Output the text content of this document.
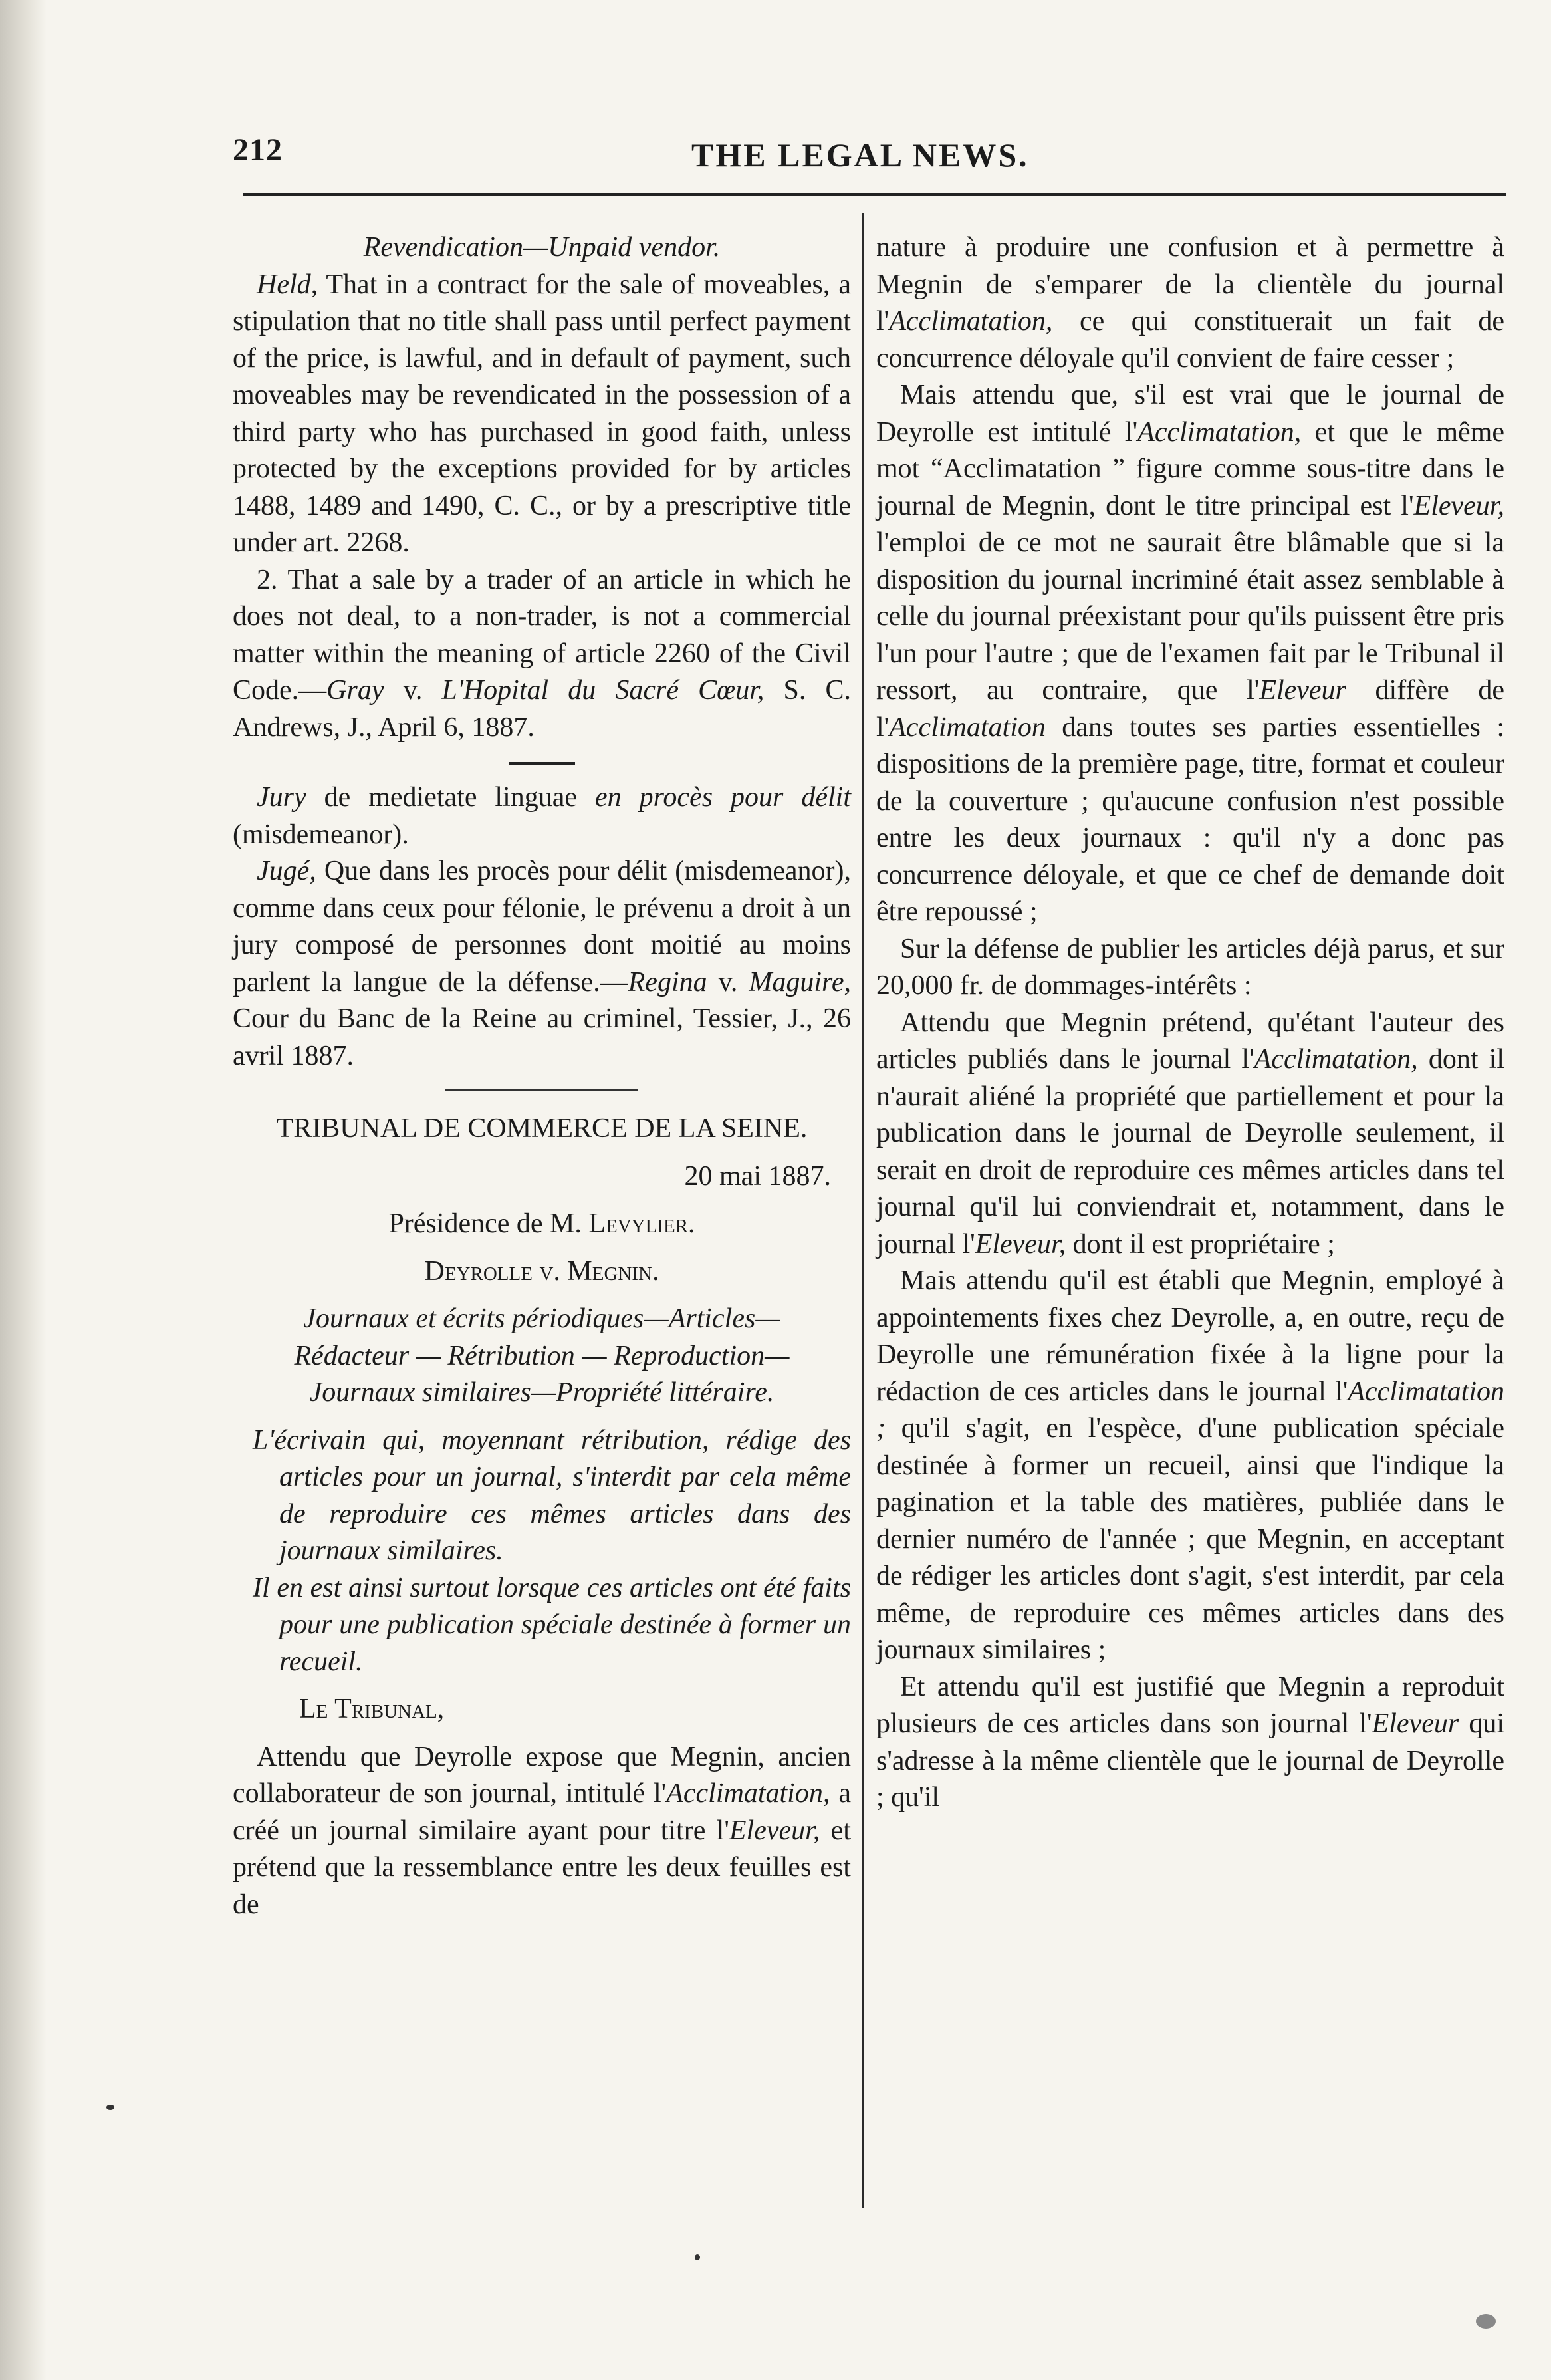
212	THE LEGAL NEWS.

Revendication—Unpaid vendor.

Held, That in a contract for the sale of moveables, a stipulation that no title shall pass until perfect payment of the price, is lawful, and in default of payment, such moveables may be revendicated in the possession of a third party who has purchased in good faith, unless protected by the exceptions provided for by articles 1488, 1489 and 1490, C. C., or by a prescriptive title under art. 2268.

2. That a sale by a trader of an article in which he does not deal, to a non-trader, is not a commercial matter within the meaning of article 2260 of the Civil Code.—Gray v. L'Hopital du Sacré Cœur, S. C. Andrews, J., April 6, 1887.

Jury de medietate linguae en procès pour délit (misdemeanor).

Jugé, Que dans les procès pour délit (misdemeanor), comme dans ceux pour félonie, le prévenu a droit à un jury composé de personnes dont moitié au moins parlent la langue de la défense.—Regina v. Maguire, Cour du Banc de la Reine au criminel, Tessier, J., 26 avril 1887.

TRIBUNAL DE COMMERCE DE LA SEINE.

20 mai 1887.

Présidence de M. Levylier.

Deyrolle v. Megnin.

Journaux et écrits périodiques—Articles—Rédacteur — Rétribution — Reproduction— Journaux similaires—Propriété littéraire.

L'écrivain qui, moyennant rétribution, rédige des articles pour un journal, s'interdit par cela même de reproduire ces mêmes articles dans des journaux similaires.

Il en est ainsi surtout lorsque ces articles ont été faits pour une publication spéciale destinée à former un recueil.

Le Tribunal,

Attendu que Deyrolle expose que Megnin, ancien collaborateur de son journal, intitulé l'Acclimatation, a créé un journal similaire ayant pour titre l'Eleveur, et prétend que la ressemblance entre les deux feuilles est de

nature à produire une confusion et à permettre à Megnin de s'emparer de la clientèle du journal l'Acclimatation, ce qui constituerait un fait de concurrence déloyale qu'il convient de faire cesser ;

Mais attendu que, s'il est vrai que le journal de Deyrolle est intitulé l'Acclimatation, et que le même mot “Acclimatation ” figure comme sous-titre dans le journal de Megnin, dont le titre principal est l'Eleveur, l'emploi de ce mot ne saurait être blâmable que si la disposition du journal incriminé était assez semblable à celle du journal préexistant pour qu'ils puissent être pris l'un pour l'autre ; que de l'examen fait par le Tribunal il ressort, au contraire, que l'Eleveur diffère de l'Acclimatation dans toutes ses parties essentielles : dispositions de la première page, titre, format et couleur de la couverture ; qu'aucune confusion n'est possible entre les deux journaux : qu'il n'y a donc pas concurrence déloyale, et que ce chef de demande doit être repoussé ;

Sur la défense de publier les articles déjà parus, et sur 20,000 fr. de dommages-intérêts :

Attendu que Megnin prétend, qu'étant l'auteur des articles publiés dans le journal l'Acclimatation, dont il n'aurait aliéné la propriété que partiellement et pour la publication dans le journal de Deyrolle seulement, il serait en droit de reproduire ces mêmes articles dans tel journal qu'il lui conviendrait et, notamment, dans le journal l'Eleveur, dont il est propriétaire ;

Mais attendu qu'il est établi que Megnin, employé à appointements fixes chez Deyrolle, a, en outre, reçu de Deyrolle une rémunération fixée à la ligne pour la rédaction de ces articles dans le journal l'Acclimatation ; qu'il s'agit, en l'espèce, d'une publication spéciale destinée à former un recueil, ainsi que l'indique la pagination et la table des matières, publiée dans le dernier numéro de l'année ; que Megnin, en acceptant de rédiger les articles dont s'agit, s'est interdit, par cela même, de reproduire ces mêmes articles dans des journaux similaires ;

Et attendu qu'il est justifié que Megnin a reproduit plusieurs de ces articles dans son journal l'Eleveur qui s'adresse à la même clientèle que le journal de Deyrolle ; qu'il
